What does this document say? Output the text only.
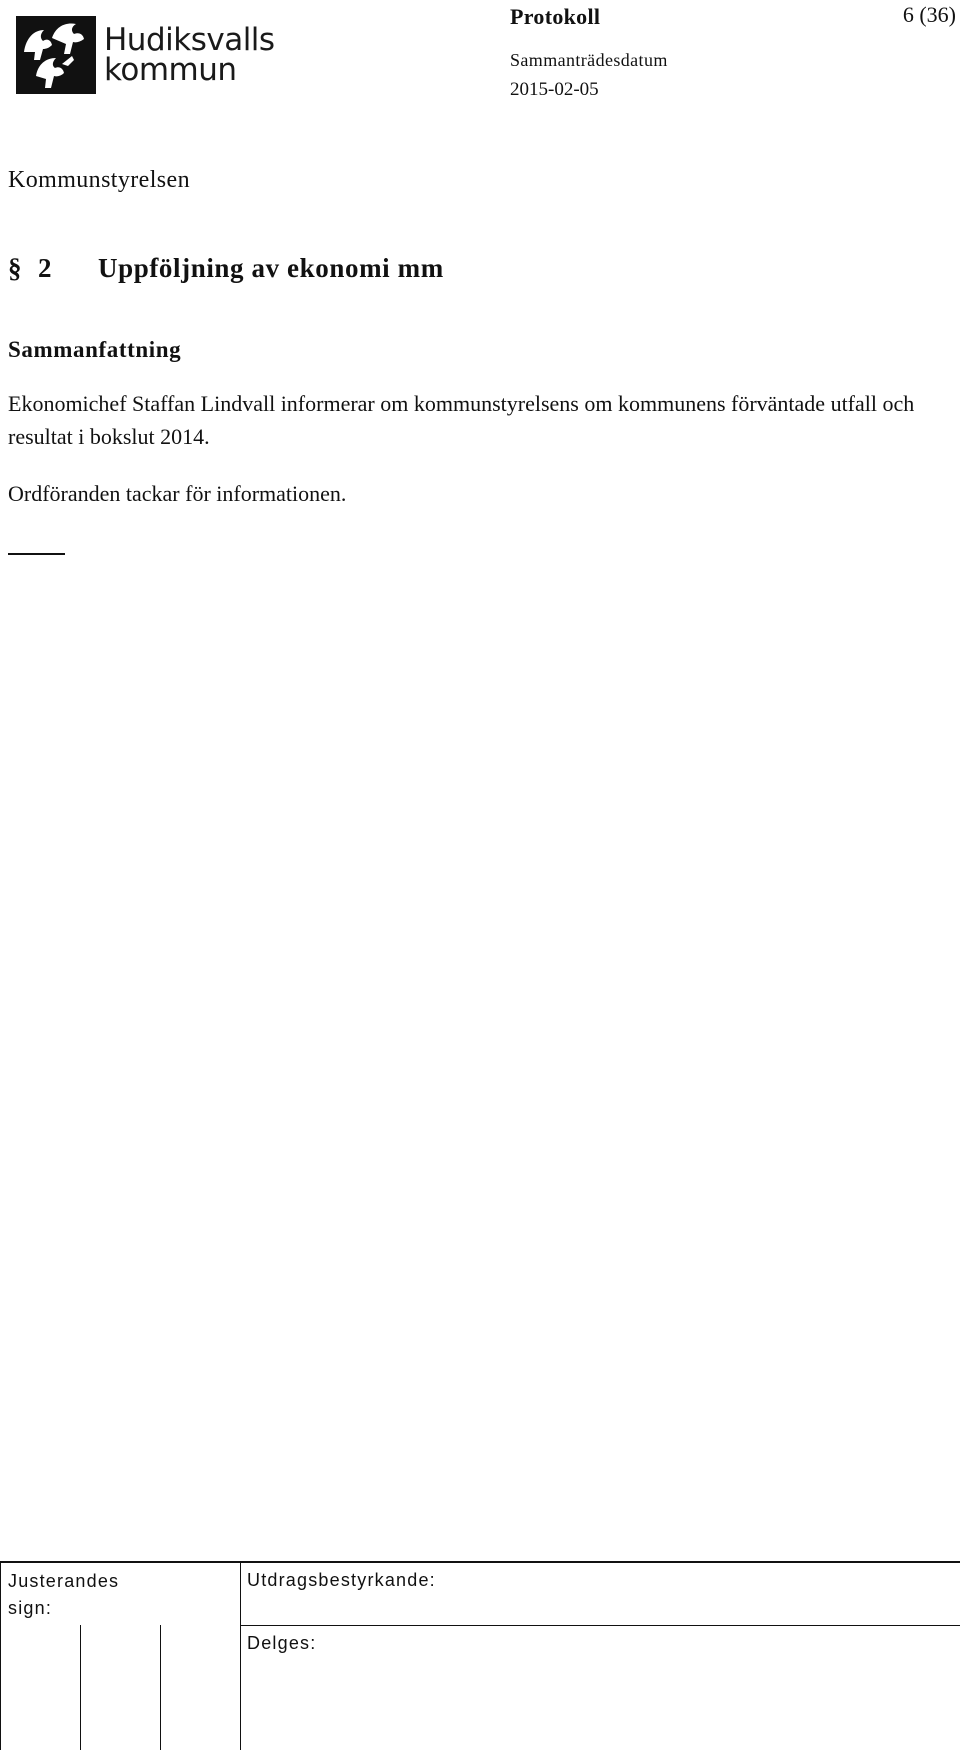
Hudiksvalls
kommun
Protokoll	6 (36)
Sammanträdesdatum
2015-02-05
Kommunstyrelsen
§ 2	Uppföljning av ekonomi mm
Sammanfattning
Ekonomichef Staffan Lindvall informerar om kommunstyrelsens om kommunens förväntade utfall och resultat i bokslut 2014.
Ordföranden tackar för informationen.
Justerandes
sign:
Utdragsbestyrkande:
Delges:
